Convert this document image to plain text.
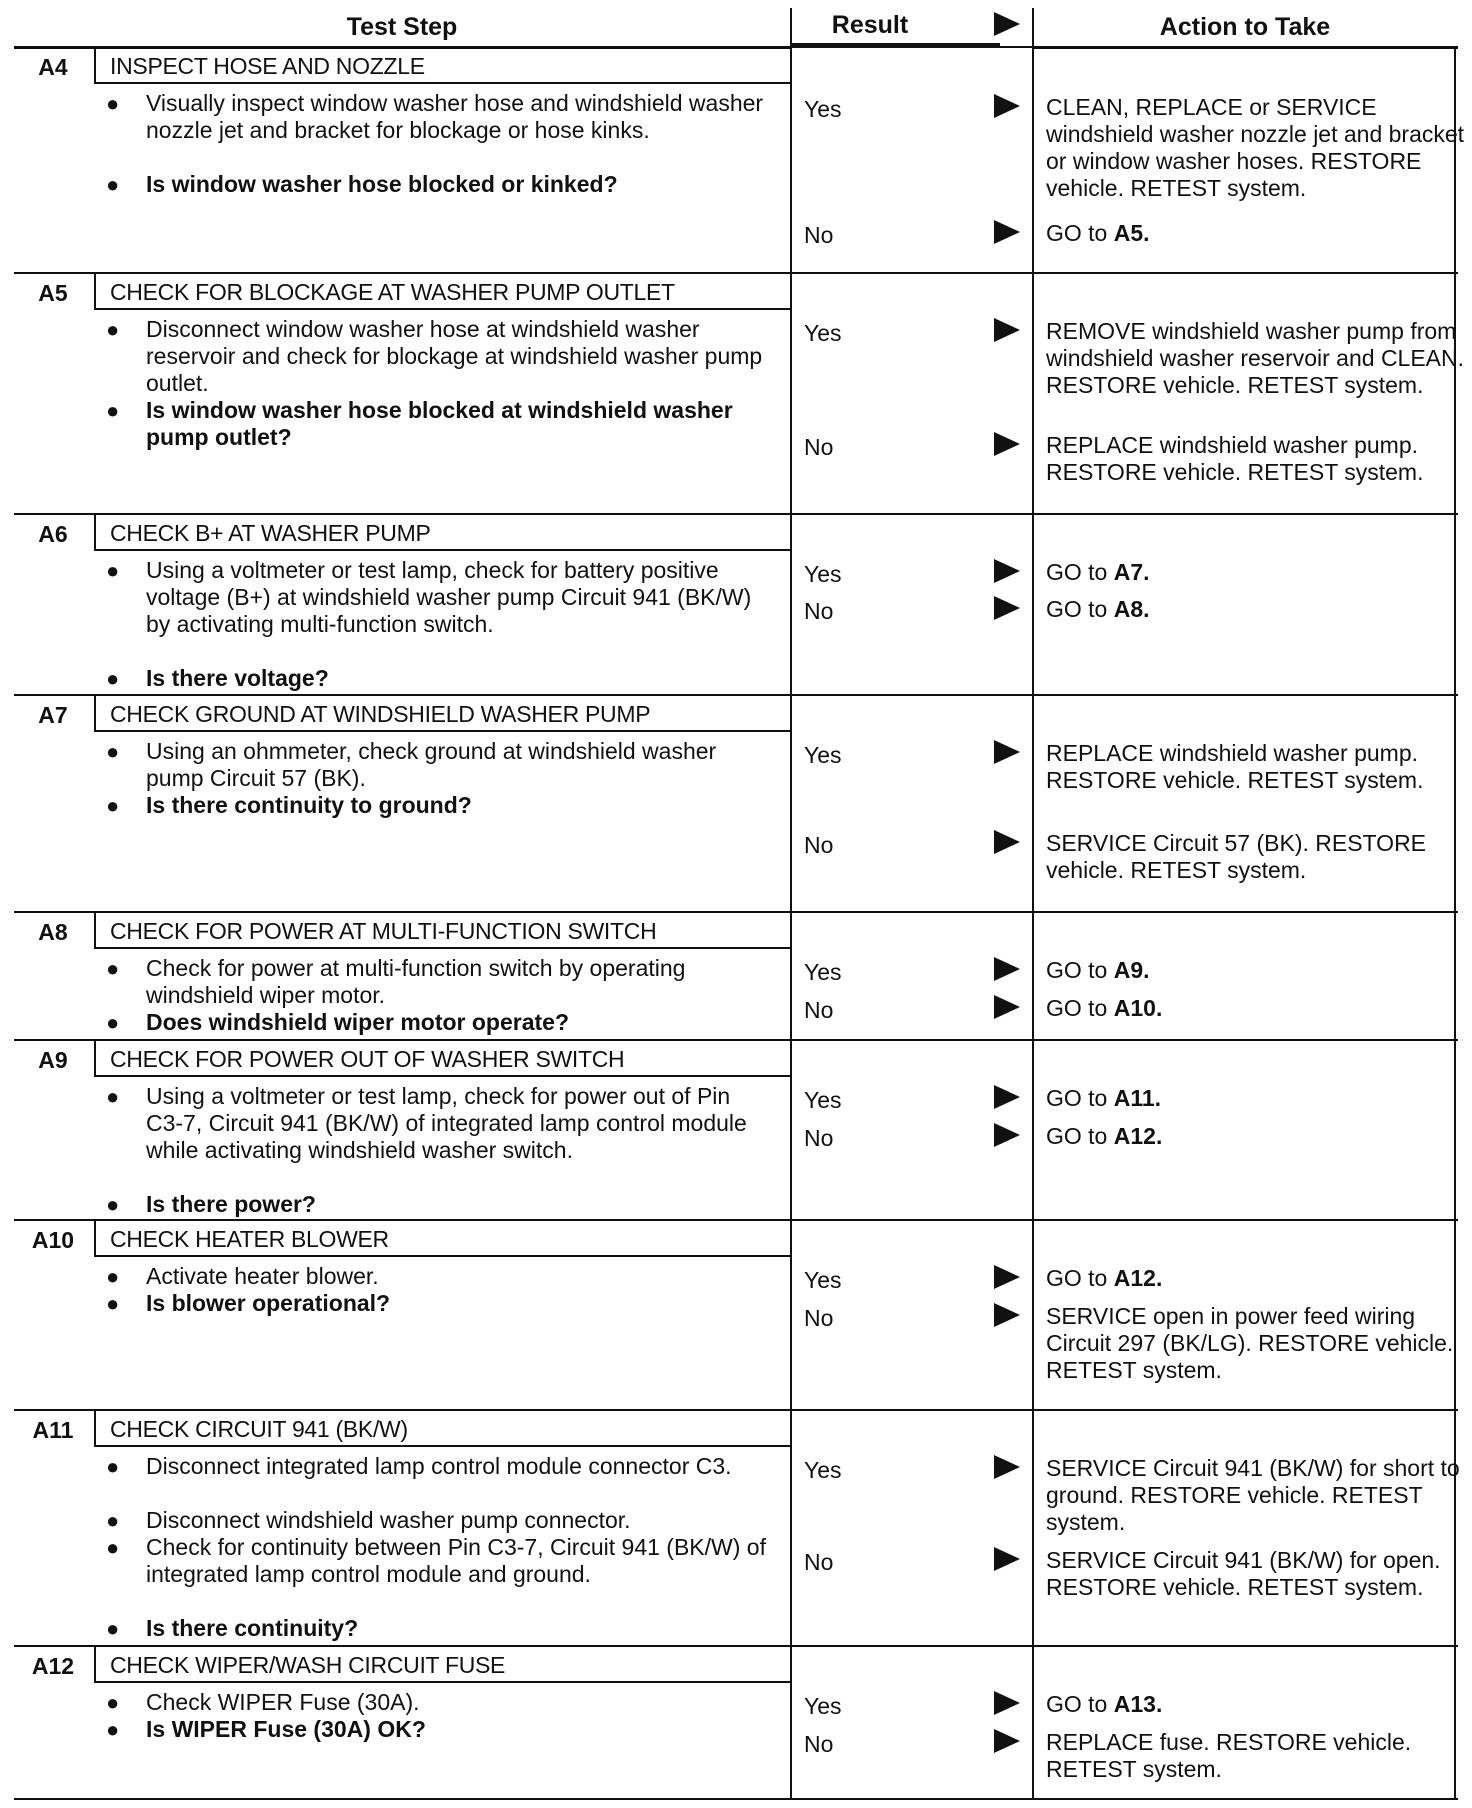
Test Step	Result	Action to Take
A4	INSPECT HOSE AND NOZZLE
● Visually inspect window washer hose and windshield washer nozzle jet and bracket for blockage or hose kinks.
● Is window washer hose blocked or kinked?
Yes	CLEAN, REPLACE or SERVICE windshield washer nozzle jet and bracket or window washer hoses. RESTORE vehicle. RETEST system.
No	GO to A5.
A5	CHECK FOR BLOCKAGE AT WASHER PUMP OUTLET
● Disconnect window washer hose at windshield washer reservoir and check for blockage at windshield washer pump outlet.
● Is window washer hose blocked at windshield washer pump outlet?
Yes	REMOVE windshield washer pump from windshield washer reservoir and CLEAN. RESTORE vehicle. RETEST system.
No	REPLACE windshield washer pump. RESTORE vehicle. RETEST system.
A6	CHECK B+ AT WASHER PUMP
● Using a voltmeter or test lamp, check for battery positive voltage (B+) at windshield washer pump Circuit 941 (BK/W) by activating multi-function switch.
● Is there voltage?
Yes	GO to A7.
No	GO to A8.
A7	CHECK GROUND AT WINDSHIELD WASHER PUMP
● Using an ohmmeter, check ground at windshield washer pump Circuit 57 (BK).
● Is there continuity to ground?
Yes	REPLACE windshield washer pump. RESTORE vehicle. RETEST system.
No	SERVICE Circuit 57 (BK). RESTORE vehicle. RETEST system.
A8	CHECK FOR POWER AT MULTI-FUNCTION SWITCH
● Check for power at multi-function switch by operating windshield wiper motor.
● Does windshield wiper motor operate?
Yes	GO to A9.
No	GO to A10.
A9	CHECK FOR POWER OUT OF WASHER SWITCH
● Using a voltmeter or test lamp, check for power out of Pin C3-7, Circuit 941 (BK/W) of integrated lamp control module while activating windshield washer switch.
● Is there power?
Yes	GO to A11.
No	GO to A12.
A10	CHECK HEATER BLOWER
● Activate heater blower.
● Is blower operational?
Yes	GO to A12.
No	SERVICE open in power feed wiring Circuit 297 (BK/LG). RESTORE vehicle. RETEST system.
A11	CHECK CIRCUIT 941 (BK/W)
● Disconnect integrated lamp control module connector C3.
● Disconnect windshield washer pump connector.
● Check for continuity between Pin C3-7, Circuit 941 (BK/W) of integrated lamp control module and ground.
● Is there continuity?
Yes	SERVICE Circuit 941 (BK/W) for short to ground. RESTORE vehicle. RETEST system.
No	SERVICE Circuit 941 (BK/W) for open. RESTORE vehicle. RETEST system.
A12	CHECK WIPER/WASH CIRCUIT FUSE
● Check WIPER Fuse (30A).
● Is WIPER Fuse (30A) OK?
Yes	GO to A13.
No	REPLACE fuse. RESTORE vehicle. RETEST system.
